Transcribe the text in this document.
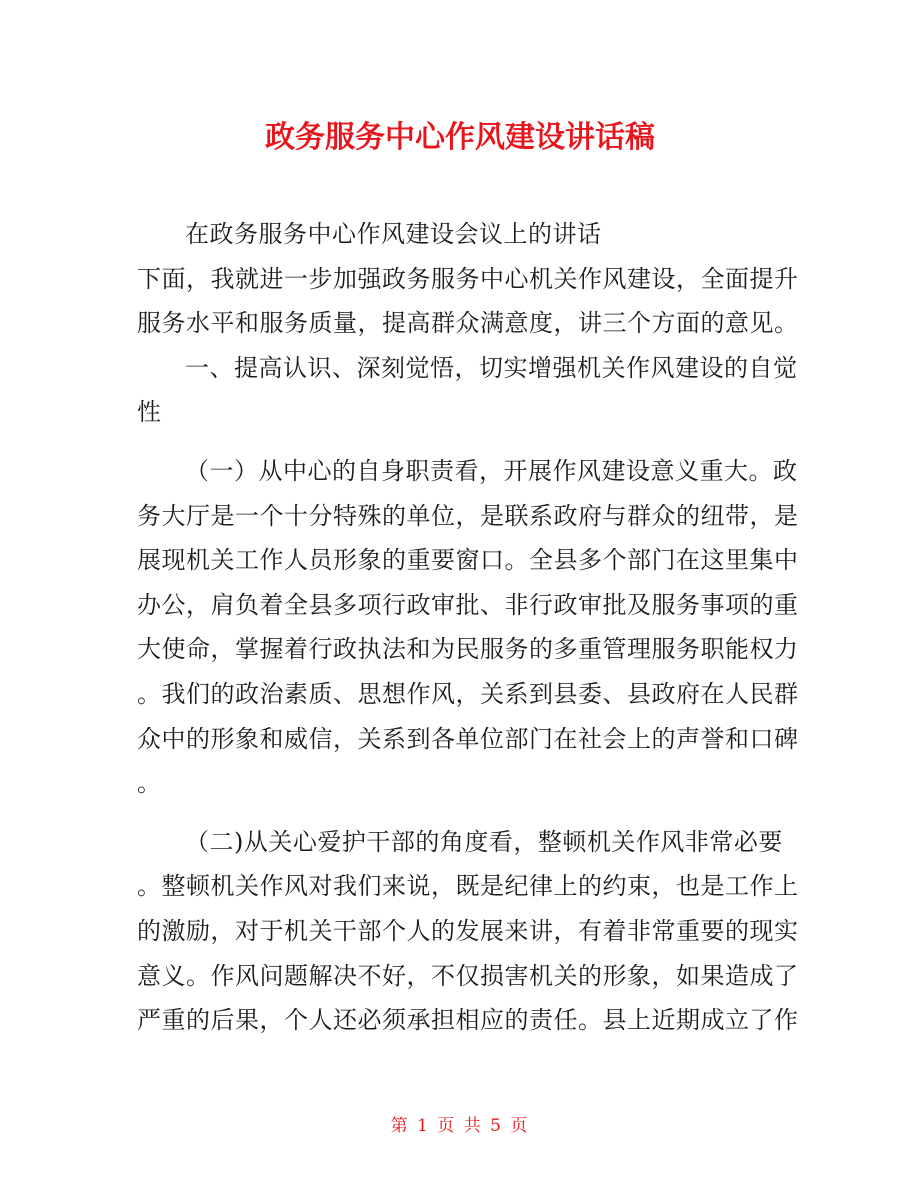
政务服务中心作风建设讲话稿
在政务服务中心作风建设会议上的讲话
下面，我就进一步加强政务服务中心机关作风建设，全面提升
服务水平和服务质量，提高群众满意度，讲三个方面的意见。
一、提高认识、深刻觉悟，切实增强机关作风建设的自觉
性
（一）从中心的自身职责看，开展作风建设意义重大。政
务大厅是一个十分特殊的单位，是联系政府与群众的纽带，是
展现机关工作人员形象的重要窗口。全县多个部门在这里集中
办公，肩负着全县多项行政审批、非行政审批及服务事项的重
大使命，掌握着行政执法和为民服务的多重管理服务职能权力
。我们的政治素质、思想作风，关系到县委、县政府在人民群
众中的形象和威信，关系到各单位部门在社会上的声誉和口碑
。
（二)从关心爱护干部的角度看，整顿机关作风非常必要
。整顿机关作风对我们来说，既是纪律上的约束，也是工作上
的激励，对于机关干部个人的发展来讲，有着非常重要的现实
意义。作风问题解决不好，不仅损害机关的形象，如果造成了
严重的后果，个人还必须承担相应的责任。县上近期成立了作
第 1 页 共 5 页
